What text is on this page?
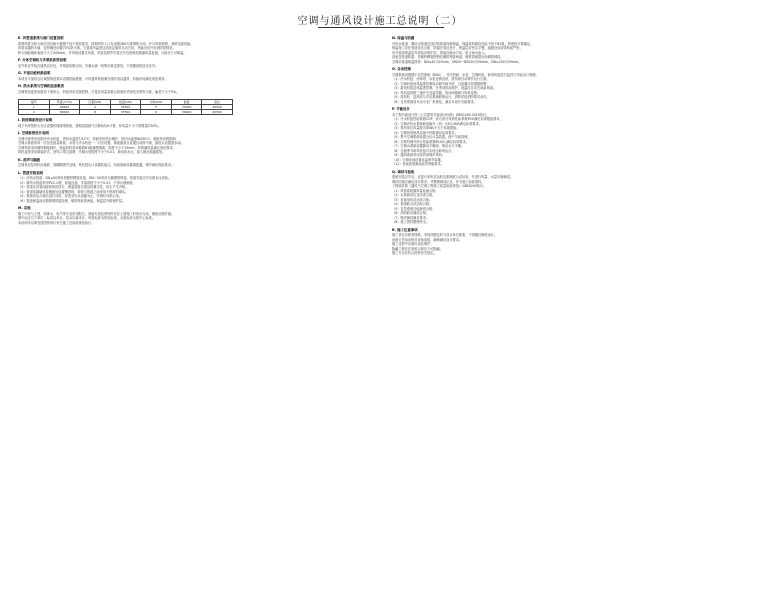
空调与通风设计施工总说明（二）
E. 风管道系统与阀门设置说明
排烟风管为防火阀关闭后耐火极限不低于规范要求，排烟风机入口处设置280℃排烟防火阀，并与风机联锁，消防电源切换。
风管穿越防火墙、变形缝处设置70℃防火阀，当管道内温度达到设定值时自动关闭，并输出信号至消防控制室。
防火阀距墙体表面不大于200mm，并单独设置支吊架，风管及附件安装完毕后按规范做漏风量检测，合格后方可保温。
F. 分体空调机与多联机系统说明
室外机应安装在通风良好处，并预留检修空间，冷凝水统一收集后就近排放，不得随意排放至室外。
G. 平战功能转换说明
本项目平战结合区域按规范要求设置转换措施，平时通风系统兼作战时清洁通风，转换时间满足规范要求。
H. 热水系统与空调机组参数表
空调机组选型参数如下表所示，机组采用变频控制，冷量及风量参数以设备供货商技术资料为准，偏差不大于5%。
编号	风量(m³/h)	冷量(kW)	热量(kW)	功率(kW)	数量	备注
1	30000	4	31500	5	33000	40500
2	36000	8	37500	9	39000	40500
I. 防排烟系统设计说明
地下车库按防火分区设置机械排烟系统，排烟量按换气次数6次/h计算，补风量不小于排烟量的50%。
J. 空调系统设计说明
空调冷源采用电制冷冷水机组，供回水温度7/12℃；热源采用热水锅炉，供回水温度60/50℃，系统采用两管制。
空调水系统采用一次泵变流量系统，水泵与冷水机组一一对应设置，系统最高点设置自动排气阀，最低点设置泄水阀。
空调风管采用镀锌钢板制作，保温材料采用难燃B1级橡塑海绵，厚度不小于25mm，风管漏风量满足规范要求。
风机盘管采用暗装卧式，回风口带过滤网，冷凝水管坡度不小于0.01，坡向排水点，接入就近地漏排放。
K. 消声与隔振
空调机房及风机房墙面、顶棚做吸声处理，风机进出口设置软接头，机组基础设置减振器，噪声满足规范要求。
L. 管道安装说明
（1）冷热水管道：DN≤50采用热镀锌钢管丝接，DN＞50采用无缝钢管焊接，管道安装完毕后做水压试验。
（2）凝结水管道采用PVC-U管，粘接连接，安装坡度不小于0.01，不得出现倒坡。
（3）管道支吊架间距按规范执行，保温管道支架处设置木托，防止产生冷桥。
（4）管道穿越墙体及楼板处设置钢套管，套管与管道之间采用不燃材料填实。
（5）系统试压合格后进行冲洗，冲洗至出水清澈为止，并做好冲洗记录。
（6）管道保温前应做除锈防腐处理，刷防锈底漆两道，保温层外做保护层。
M. 其他
施工中应与土建、给排水、电气等专业密切配合，预留孔洞及预埋件应在土建施工时同步完成，避免后期开凿。
图中标注尺寸单位：标高以米计，其余以毫米计；风管标高为管底标高，水管标高为管中心标高。
本说明未尽事宜按国家现行有关施工及验收规范执行。
N. 保温与防腐
冷热水管道、凝结水管道及送回风管道均做保温，保温材料燃烧性能不低于B1级，厚度按计算确定。
保温施工应在管道试压合格、防腐完成后进行，保温层应密实平整，接缝处用胶带粘贴严密。
室外管道保温层外加铝皮保护层，搭接处顺水方向，防止雨水渗入。
设备及管道防腐：非镀锌钢管除锈后刷防锈漆两道，镀锌管破损处补刷防锈漆。
空调水管道保温厚度：DN≤40为25mm，DN50~DN150为30mm，DN≥200为35mm。
O. 自动控制
空调系统设置楼宇自控系统（BAS），对冷热源、水泵、空调机组、新风机组进行监控与节能运行管理。
（1）冷水机组、冷却塔、水泵连锁启停，按负荷自动调节运行台数。
（2）空调机组回风温度控制电动调节阀开度，过滤器压差超限报警。
（3）新风机组送风温度控制，冬季设防冻保护，低温时自动关闭新风阀。
（4）风机盘管配三速开关及温控器，电动两通阀与风机连锁。
（5）排风机、送风机与对应系统联锁运行，消防时按消防要求动作。
（6）自控系统设计由专业厂家深化，满足本设计功能要求。
P. 节能设计
本工程节能设计按《公共建筑节能设计标准》GB50189-2015执行。
（1）冷水机组性能系数COP、综合部分负荷性能系数IPLV满足标准限值要求。
（2）空调冷热水系统耗电输冷（热）比EC(H)R满足标准要求。
（3）风机单位风量耗功率Ws不大于标准限值。
（4）空调风管绝热层最小热阻满足标准要求。
（5）集中空调系统设置分区计量装置，便于节能管理。
（6）多联机制冷综合性能系数IPLV(C)满足标准要求。
（7）空调水系统设置静态平衡阀，保证水力平衡。
（8）过渡季节新风机组可实现全新风运行。
（9）通风系统采用高效低噪声风机。
（10）空调房间设置室温调节装置。
（11）设备选型满足能效等级要求。
Q. 调试与验收
系统安装完毕后，应进行单机试运转及系统联合试运转，并进行风量、水量平衡调试。
调试结果应满足设计要求，并整理调试记录，作为竣工验收资料。
工程验收按《通风与空调工程施工质量验收规范》GB50243执行。
（1）风管系统漏风量检测合格。
（2）水系统试压及冲洗合格。
（3）设备单机试运转合格。
（4）系统联合试运转合格。
（5）自控系统功能测试合格。
（6）消防联动测试合格。
（7）噪声测试满足要求。
（8）竣工资料整理齐全。
R. 施工注意事项
施工单位应熟悉图纸，发现问题及时与设计单位联系，不得擅自修改设计。
设备订货前应核对设备参数，确保满足设计要求。
施工过程中应做好成品保护。
隐蔽工程应在验收合格后方可隐蔽。
施工安全应符合国家有关规定。
